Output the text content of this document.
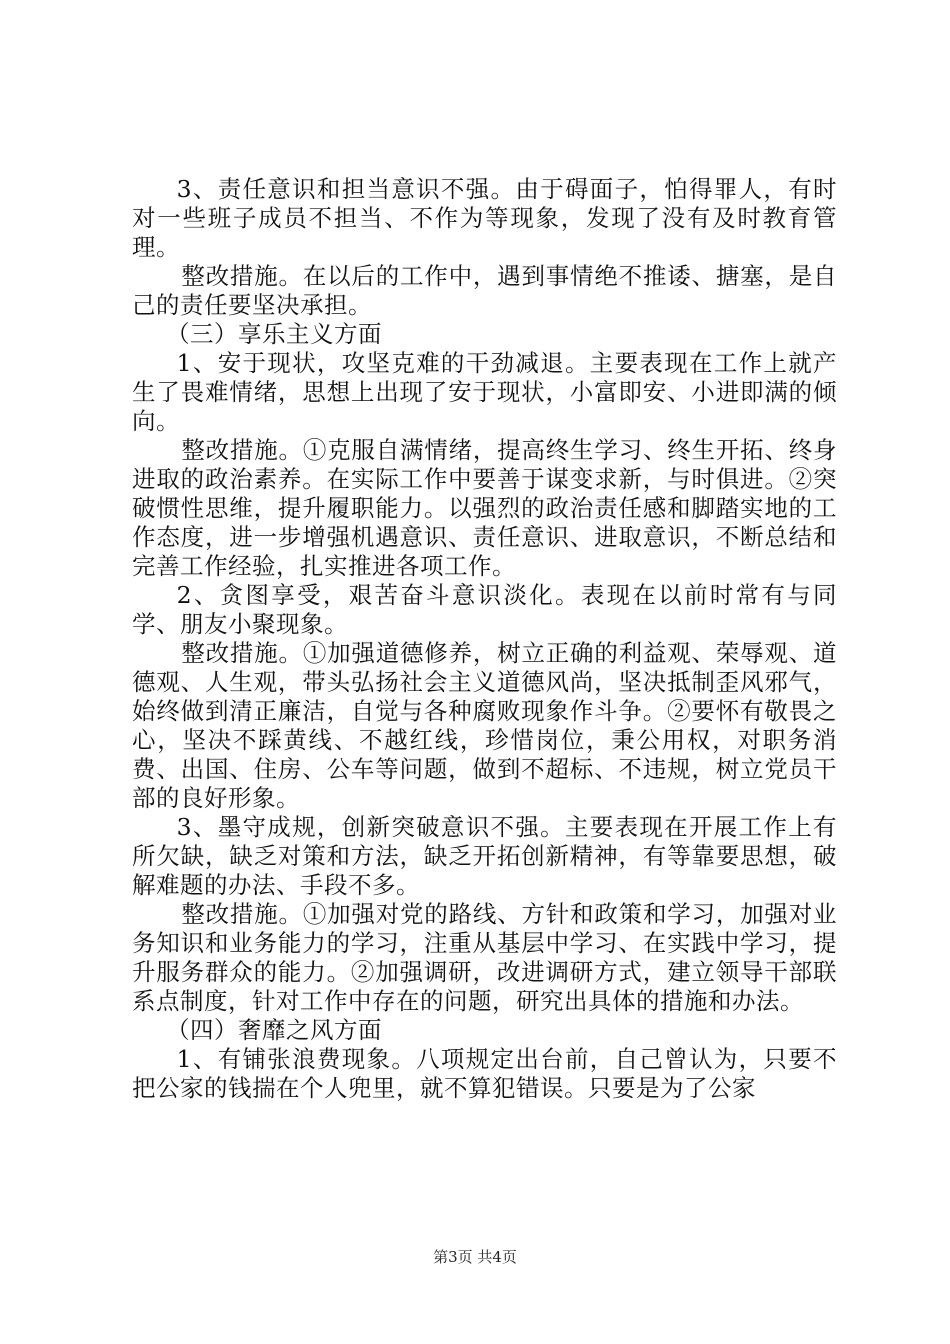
3、责任意识和担当意识不强。由于碍面子，怕得罪人，有时对一些班子成员不担当、不作为等现象，发现了没有及时教育管理。

整改措施。在以后的工作中，遇到事情绝不推诿、搪塞，是自己的责任要坚决承担。

（三）享乐主义方面

1、安于现状，攻坚克难的干劲减退。主要表现在工作上就产生了畏难情绪，思想上出现了安于现状，小富即安、小进即满的倾向。

整改措施。①克服自满情绪，提高终生学习、终生开拓、终身进取的政治素养。在实际工作中要善于谋变求新，与时俱进。②突破惯性思维，提升履职能力。以强烈的政治责任感和脚踏实地的工作态度，进一步增强机遇意识、责任意识、进取意识，不断总结和完善工作经验，扎实推进各项工作。

2、贪图享受，艰苦奋斗意识淡化。表现在以前时常有与同学、朋友小聚现象。

整改措施。①加强道德修养，树立正确的利益观、荣辱观、道德观、人生观，带头弘扬社会主义道德风尚，坚决抵制歪风邪气，始终做到清正廉洁，自觉与各种腐败现象作斗争。②要怀有敬畏之心，坚决不踩黄线、不越红线，珍惜岗位，秉公用权，对职务消费、出国、住房、公车等问题，做到不超标、不违规，树立党员干部的良好形象。

3、墨守成规，创新突破意识不强。主要表现在开展工作上有所欠缺，缺乏对策和方法，缺乏开拓创新精神，有等靠要思想，破解难题的办法、手段不多。

整改措施。①加强对党的路线、方针和政策和学习，加强对业务知识和业务能力的学习，注重从基层中学习、在实践中学习，提升服务群众的能力。②加强调研，改进调研方式，建立领导干部联系点制度，针对工作中存在的问题，研究出具体的措施和办法。

（四）奢靡之风方面

1、有铺张浪费现象。八项规定出台前，自己曾认为，只要不把公家的钱揣在个人兜里，就不算犯错误。只要是为了公家

第3页 共4页
